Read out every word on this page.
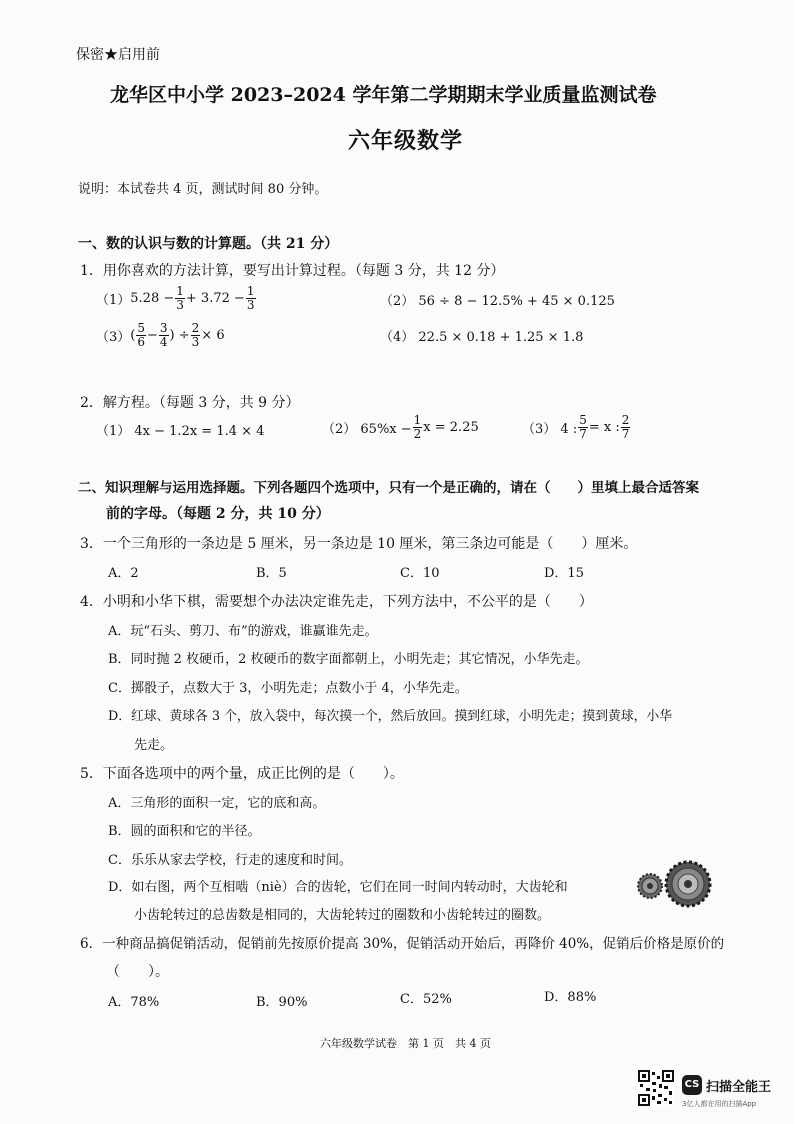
保密★启用前
龙华区中小学 2023–2024 学年第二学期期末学业质量监测试卷
六年级数学
说明：本试卷共 4 页，测试时间 80 分钟。
一、数的认识与数的计算题。（共 21 分）
1．用你喜欢的方法计算，要写出计算过程。（每题 3 分，共 12 分）
（1） $5.28 - \frac{1}{3} + 3.72 - \frac{1}{3}$	（2） 56 ÷ 8 − 12.5% + 45 × 0.125
（3） ( $\frac{5}{6} - \frac{3}{4}$ ) ÷ $\frac{2}{3} \times 6$	（4） 22.5 × 0.18 + 1.25 × 1.8
2．解方程。（每题 3 分，共 9 分）
（1） 4x − 1.2x = 1.4 × 4	（2） $65\%x - \frac{1}{2}$ x = 2.25	（3） 4 : $\frac{5}{7} = x$ : $\frac{2}{7}$
二、知识理解与运用选择题。下列各题四个选项中，只有一个是正确的，请在（　　）里填上最合适答案
前的字母。（每题 2 分，共 10 分）
3．一个三角形的一条边是 5 厘米，另一条边是 10 厘米，第三条边可能是（　　）厘米。
A．2	B．5	C．10	D．15
4．小明和小华下棋，需要想个办法决定谁先走，下列方法中，不公平的是（　　）
A．玩“石头、剪刀、布”的游戏，谁赢谁先走。
B．同时抛 2 枚硬币，2 枚硬币的数字面都朝上，小明先走；其它情况，小华先走。
C．掷骰子，点数大于 3，小明先走；点数小于 4，小华先走。
D．红球、黄球各 3 个，放入袋中，每次摸一个，然后放回。摸到红球，小明先走；摸到黄球，小华
先走。
5．下面各选项中的两个量，成正比例的是（　　）。
A．三角形的面积一定，它的底和高。
B．圆的面积和它的半径。
C．乐乐从家去学校，行走的速度和时间。
D．如右图，两个互相啮（niè）合的齿轮，它们在同一时间内转动时，大齿轮和
小齿轮转过的总齿数是相同的，大齿轮转过的圈数和小齿轮转过的圈数。
6．一种商品搞促销活动，促销前先按原价提高 30%，促销活动开始后，再降价 40%，促销后价格是原价的
（　　）。
A．78%	B．90%	C．52%	D．88%
六年级数学试卷　第 1 页　共 4 页
CS 扫描全能王
3亿人都在用的扫描App
